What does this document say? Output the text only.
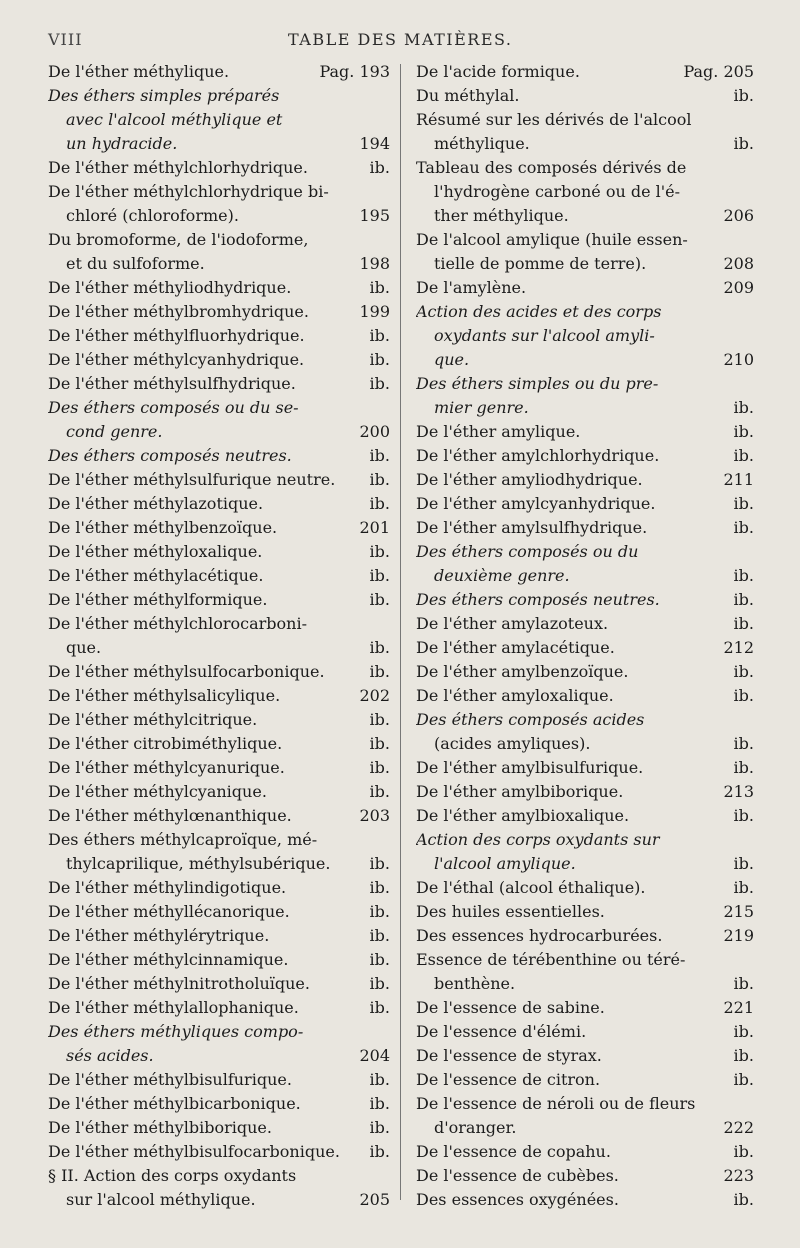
VIII	TABLE DES MATIÈRES.
De l'éther méthylique.	Pag. 193
Des éthers simples préparés
avec l'alcool méthylique et
un hydracide.	194
De l'éther méthylchlorhydrique.	ib.
De l'éther méthylchlorhydrique bi-
chloré (chloroforme).	195
Du bromoforme, de l'iodoforme,
et du sulfoforme.	198
De l'éther méthyliodhydrique.	ib.
De l'éther méthylbromhydrique.	199
De l'éther méthylfluorhydrique.	ib.
De l'éther méthylcyanhydrique.	ib.
De l'éther méthylsulfhydrique.	ib.
Des éthers composés ou du se-
cond genre.	200
Des éthers composés neutres.	ib.
De l'éther méthylsulfurique neutre.	ib.
De l'éther méthylazotique.	ib.
De l'éther méthylbenzoïque.	201
De l'éther méthyloxalique.	ib.
De l'éther méthylacétique.	ib.
De l'éther méthylformique.	ib.
De l'éther méthylchlorocarboni-
que.	ib.
De l'éther méthylsulfocarbonique.	ib.
De l'éther méthylsalicylique.	202
De l'éther méthylcitrique.	ib.
De l'éther citrobiméthylique.	ib.
De l'éther méthylcyanurique.	ib.
De l'éther méthylcyanique.	ib.
De l'éther méthylœnanthique.	203
Des éthers méthylcaproïque, mé-
thylcaprilique, méthylsubérique.	ib.
De l'éther méthylindigotique.	ib.
De l'éther méthyllécanorique.	ib.
De l'éther méthylérytrique.	ib.
De l'éther méthylcinnamique.	ib.
De l'éther méthylnitrotholuïque.	ib.
De l'éther méthylallophanique.	ib.
Des éthers méthyliques compo-
sés acides.	204
De l'éther méthylbisulfurique.	ib.
De l'éther méthylbicarbonique.	ib.
De l'éther méthylbiborique.	ib.
De l'éther méthylbisulfocarbonique.	ib.
§ II. Action des corps oxydants
sur l'alcool méthylique.	205
De l'acide formique.	Pag. 205
Du méthylal.	ib.
Résumé sur les dérivés de l'alcool
méthylique.	ib.
Tableau des composés dérivés de
l'hydrogène carboné ou de l'é-
ther méthylique.	206
De l'alcool amylique (huile essen-
tielle de pomme de terre).	208
De l'amylène.	209
Action des acides et des corps
oxydants sur l'alcool amyli-
que.	210
Des éthers simples ou du pre-
mier genre.	ib.
De l'éther amylique.	ib.
De l'éther amylchlorhydrique.	ib.
De l'éther amyliodhydrique.	211
De l'éther amylcyanhydrique.	ib.
De l'éther amylsulfhydrique.	ib.
Des éthers composés ou du
deuxième genre.	ib.
Des éthers composés neutres.	ib.
De l'éther amylazoteux.	ib.
De l'éther amylacétique.	212
De l'éther amylbenzoïque.	ib.
De l'éther amyloxalique.	ib.
Des éthers composés acides
(acides amyliques).	ib.
De l'éther amylbisulfurique.	ib.
De l'éther amylbiborique.	213
De l'éther amylbioxalique.	ib.
Action des corps oxydants sur
l'alcool amylique.	ib.
De l'éthal (alcool éthalique).	ib.
Des huiles essentielles.	215
Des essences hydrocarburées.	219
Essence de térébenthine ou téré-
benthène.	ib.
De l'essence de sabine.	221
De l'essence d'élémi.	ib.
De l'essence de styrax.	ib.
De l'essence de citron.	ib.
De l'essence de néroli ou de fleurs
d'oranger.	222
De l'essence de copahu.	ib.
De l'essence de cubèbes.	223
Des essences oxygénées.	ib.
